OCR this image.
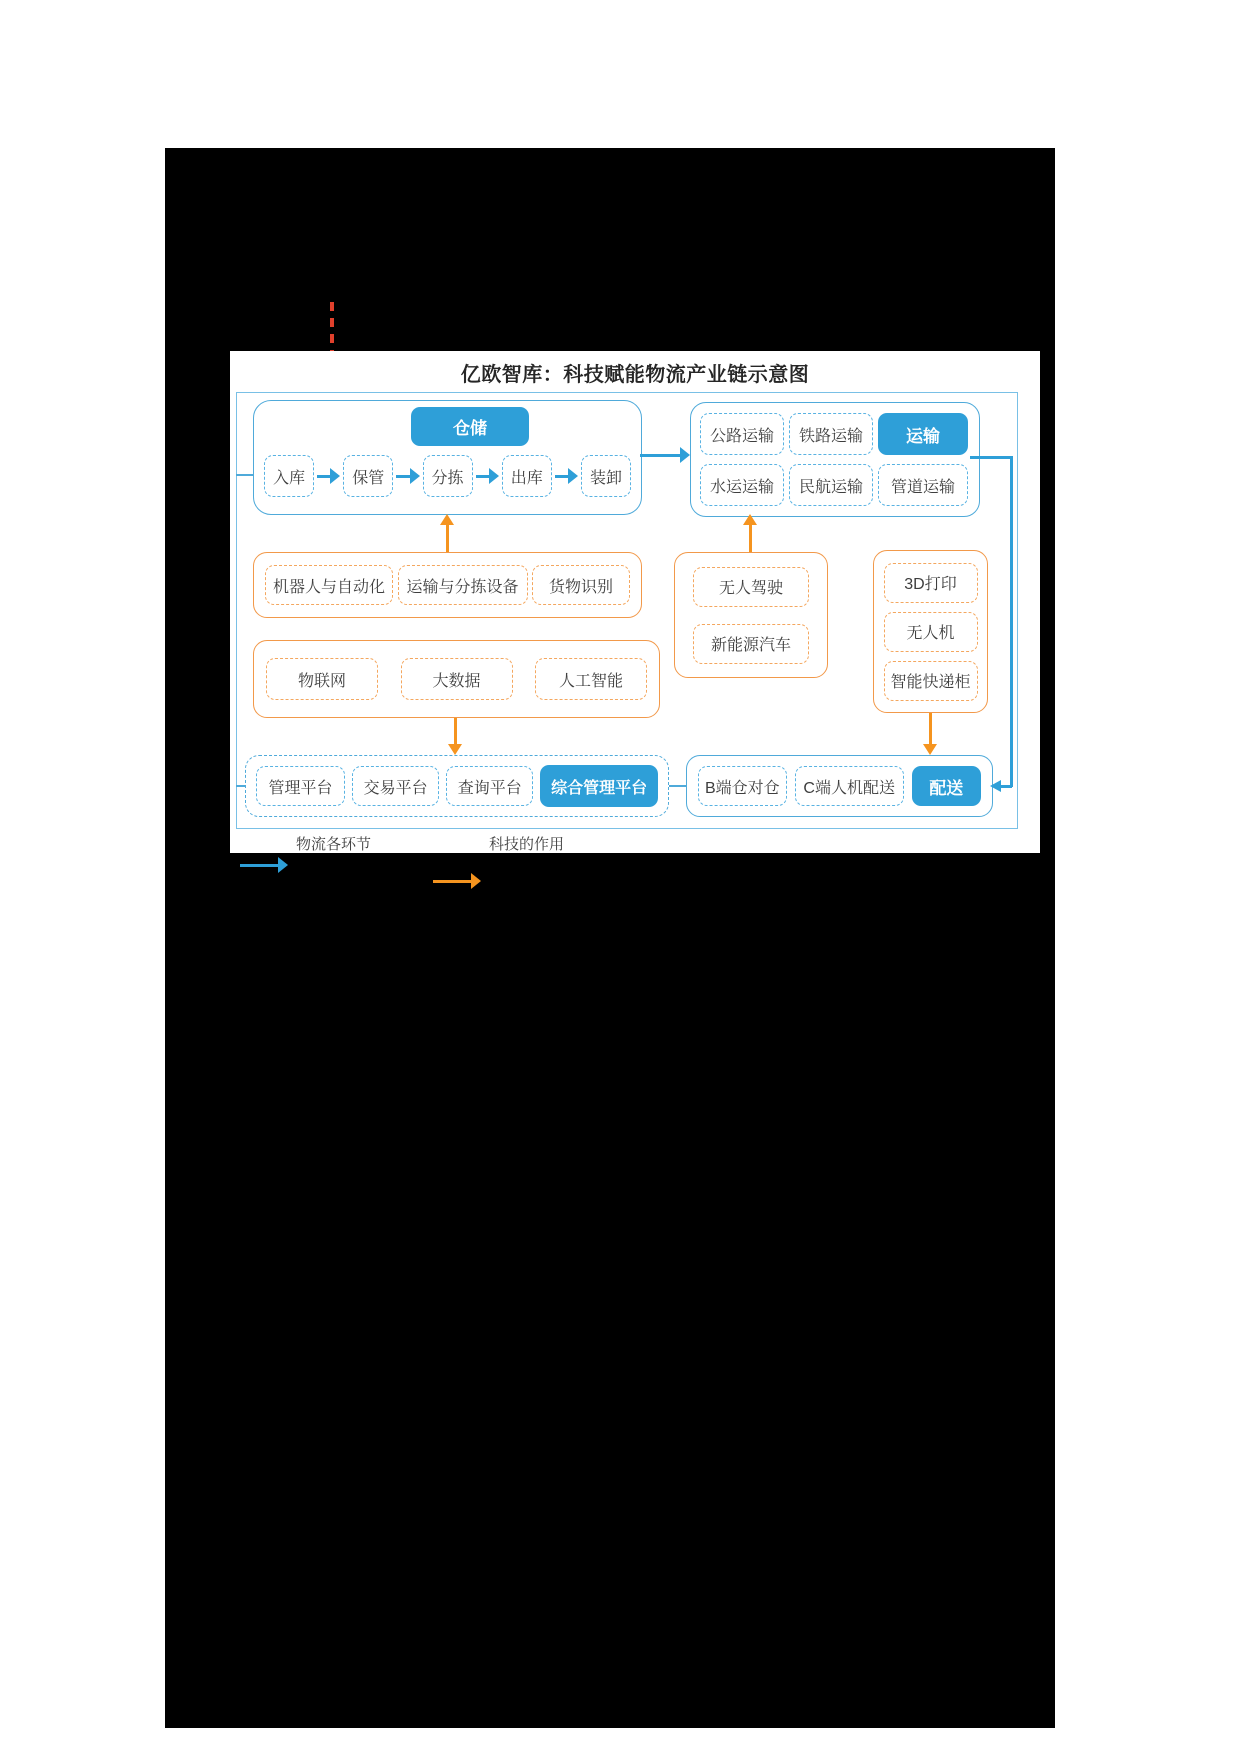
亿欧智库：科技赋能物流产业链示意图
仓储
入库	保管	分拣	出库	装卸
公路运输	铁路运输	运输
水运运输	民航运输	管道运输
机器人与自动化	运输与分拣设备	货物识别	无人驾驶
新能源汽车
3D打印
无人机
智能快递柜
物联网	大数据	人工智能
管理平台	交易平台	查询平台	综合管理平台	B端仓对仓	C端人机配送	配送
物流各环节	科技的作用
